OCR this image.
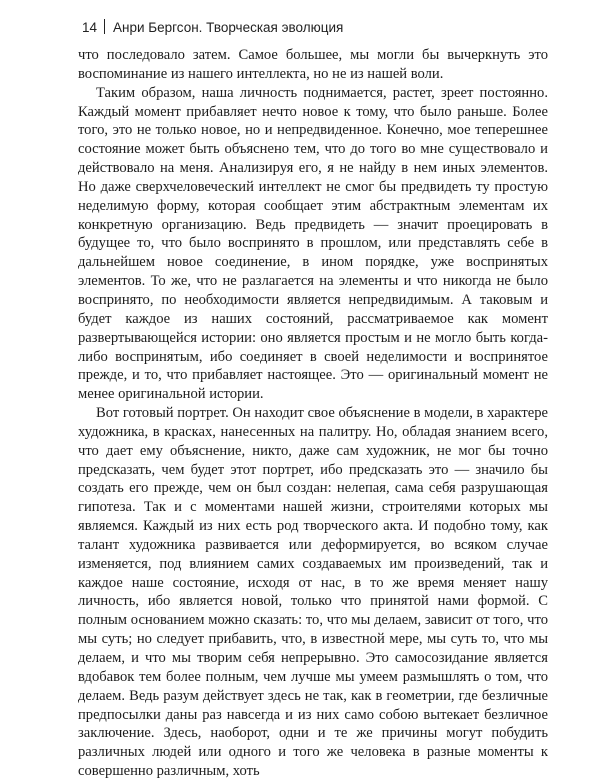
14 Анри Бергсон. Творческая эволюция

что последовало затем. Самое большее, мы могли бы вычеркнуть это воспоминание из нашего интеллекта, но не из нашей воли.

Таким образом, наша личность поднимается, растет, зреет постоянно. Каждый момент прибавляет нечто новое к тому, что было раньше. Более того, это не только новое, но и непредвиденное. Конечно, мое теперешнее состояние может быть объяснено тем, что до того во мне существовало и действовало на меня. Анализируя его, я не найду в нем иных элементов. Но даже сверхчеловеческий интеллект не смог бы предвидеть ту простую неделимую форму, которая сообщает этим абстрактным элементам их конкретную организацию. Ведь предвидеть — значит проецировать в будущее то, что было воспринято в прошлом, или представлять себе в дальнейшем новое соединение, в ином порядке, уже воспринятых элементов. То же, что не разлагается на элементы и что никогда не было воспринято, по необходимости является непредвидимым. А таковым и будет каждое из наших состояний, рассматриваемое как момент развертывающейся истории: оно является простым и не могло быть когда-либо воспринятым, ибо соединяет в своей неделимости и воспринятое прежде, и то, что прибавляет настоящее. Это — оригинальный момент не менее оригинальной истории.

Вот готовый портрет. Он находит свое объяснение в модели, в характере художника, в красках, нанесенных на палитру. Но, обладая знанием всего, что дает ему объяснение, никто, даже сам художник, не мог бы точно предсказать, чем будет этот портрет, ибо предсказать это — значило бы создать его прежде, чем он был создан: нелепая, сама себя разрушающая гипотеза. Так и с моментами нашей жизни, строителями которых мы являемся. Каждый из них есть род творческого акта. И подобно тому, как талант художника развивается или деформируется, во всяком случае изменяется, под влиянием самих создаваемых им произведений, так и каждое наше состояние, исходя от нас, в то же время меняет нашу личность, ибо является новой, только что принятой нами формой. С полным основанием можно сказать: то, что мы делаем, зависит от того, что мы суть; но следует прибавить, что, в известной мере, мы суть то, что мы делаем, и что мы творим себя непрерывно. Это самосозидание является вдобавок тем более полным, чем лучше мы умеем размышлять о том, что делаем. Ведь разум действует здесь не так, как в геометрии, где безличные предпосылки даны раз навсегда и из них само собою вытекает безличное заключение. Здесь, наоборот, одни и те же причины могут побудить различных людей или одного и того же человека в разные моменты к совершенно различным, хоть
